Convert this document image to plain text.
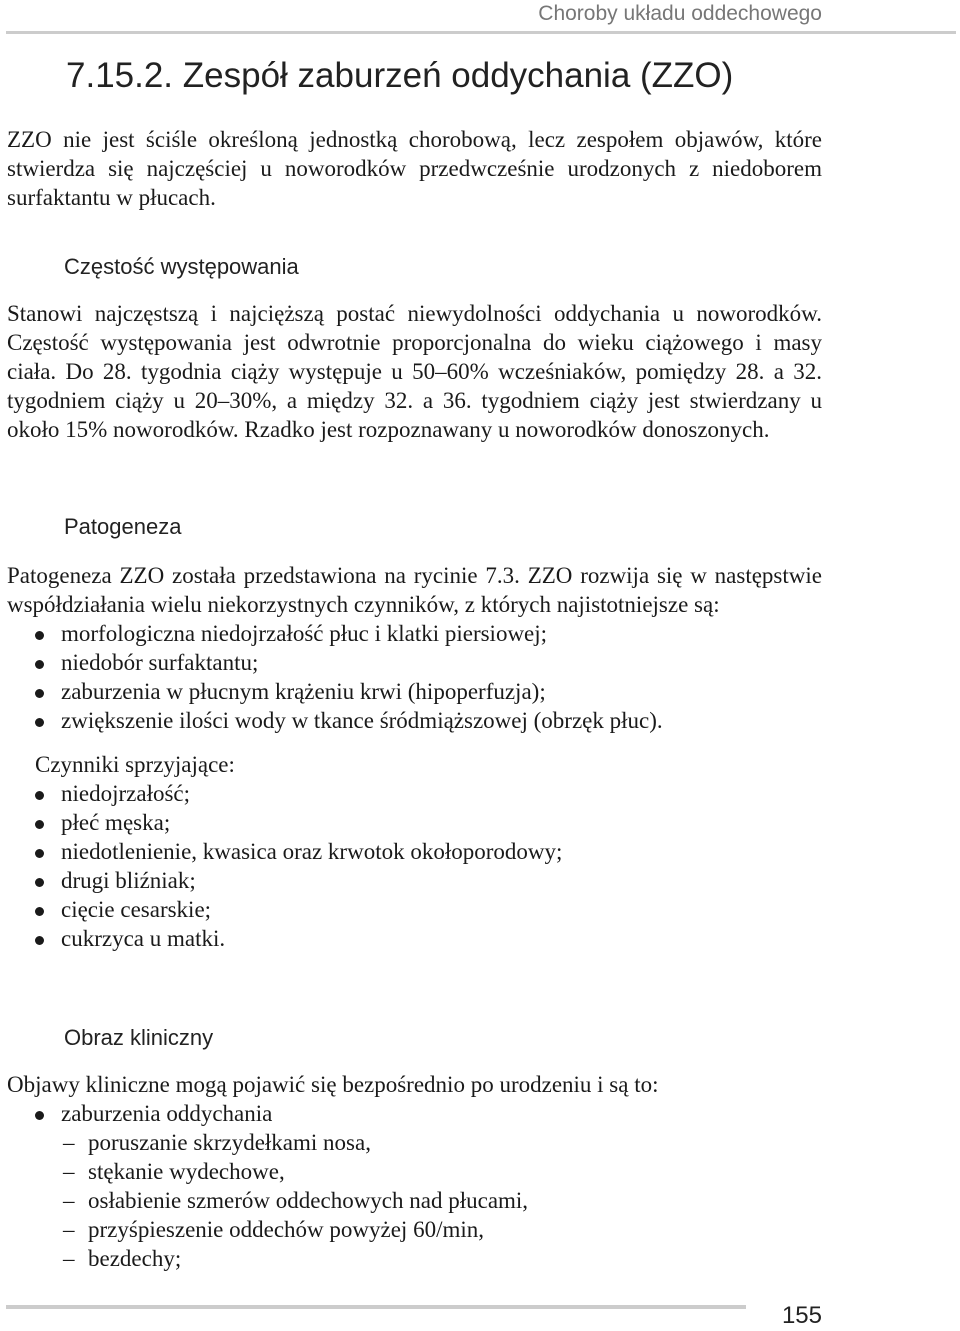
Choroby układu oddechowego
7.15.2. Zespół zaburzeń oddychania (ZZO)

ZZO nie jest ściśle określoną jednostką chorobową, lecz zespołem objawów, które stwierdza się najczęściej u noworodków przedwcześnie urodzonych z niedoborem surfaktantu w płucach.

Częstość występowania

Stanowi najczęstszą i najcięższą postać niewydolności oddychania u noworodków. Częstość występowania jest odwrotnie proporcjonalna do wieku ciążowego i masy ciała. Do 28. tygodnia ciąży występuje u 50–60% wcześniaków, pomiędzy 28. a 32. tygodniem ciąży u 20–30%, a między 32. a 36. tygodniem ciąży jest stwierdzany u około 15% noworodków. Rzadko jest rozpoznawany u noworodków donoszonych.

Patogeneza

Patogeneza ZZO została przedstawiona na rycinie 7.3. ZZO rozwija się w następstwie współdziałania wielu niekorzystnych czynników, z których najistotniejsze są:

morfologiczna niedojrzałość płuc i klatki piersiowej;
niedobór surfaktantu;
zaburzenia w płucnym krążeniu krwi (hipoperfuzja);
zwiększenie ilości wody w tkance śródmiąższowej (obrzęk płuc).
Czynniki sprzyjające:
niedojrzałość;
płeć męska;
niedotlenienie, kwasica oraz krwotok okołoporodowy;
drugi bliźniak;
cięcie cesarskie;
cukrzyca u matki.
Obraz kliniczny

Objawy kliniczne mogą pojawić się bezpośrednio po urodzeniu i są to:

zaburzenia oddychania
– poruszanie skrzydełkami nosa,
– stękanie wydechowe,
– osłabienie szmerów oddechowych nad płucami,
– przyśpieszenie oddechów powyżej 60/min,
– bezdechy;
155
